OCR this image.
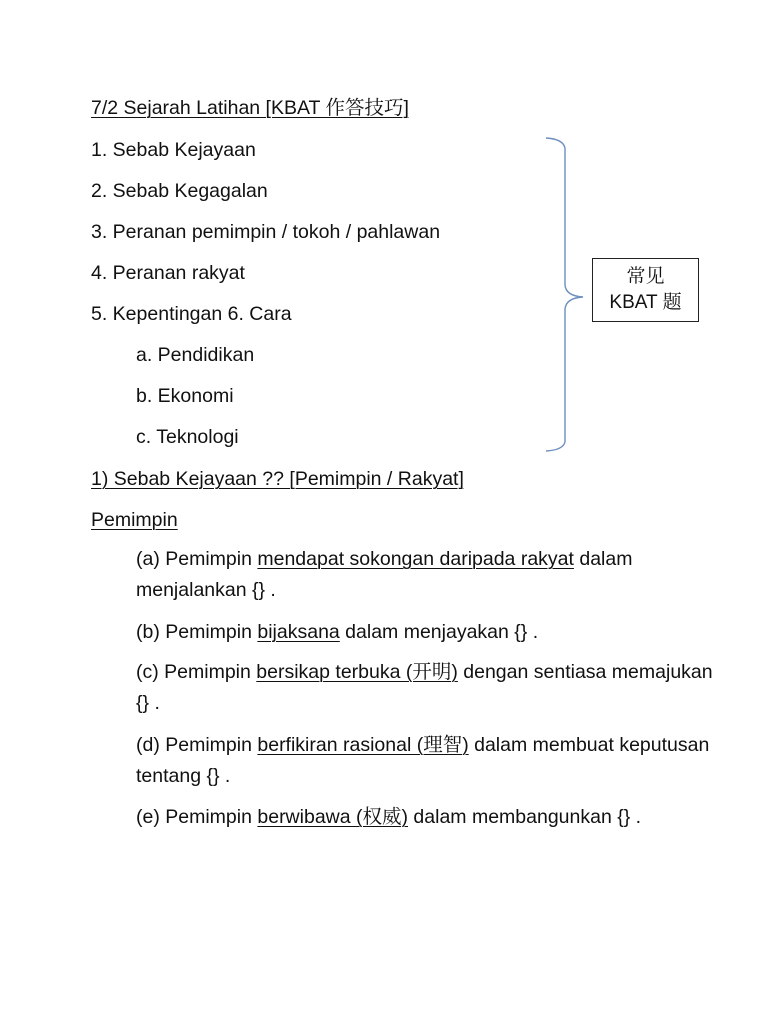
7/2 Sejarah Latihan [KBAT 作答技巧]
1. Sebab Kejayaan
2. Sebab Kegagalan
3. Peranan pemimpin / tokoh / pahlawan
4. Peranan rakyat
5. Kepentingan 6. Cara
a. Pendidikan
b. Ekonomi
c. Teknologi
常见
KBAT 题
1) Sebab Kejayaan ?? [Pemimpin / Rakyat]
Pemimpin
(a) Pemimpin mendapat sokongan daripada rakyat dalam menjalankan {} .
(b) Pemimpin bijaksana dalam menjayakan {} .
(c) Pemimpin bersikap terbuka (开明) dengan sentiasa memajukan {} .
(d) Pemimpin berfikiran rasional (理智) dalam membuat keputusan tentang {} .
(e) Pemimpin berwibawa (权威) dalam membangunkan {} .
